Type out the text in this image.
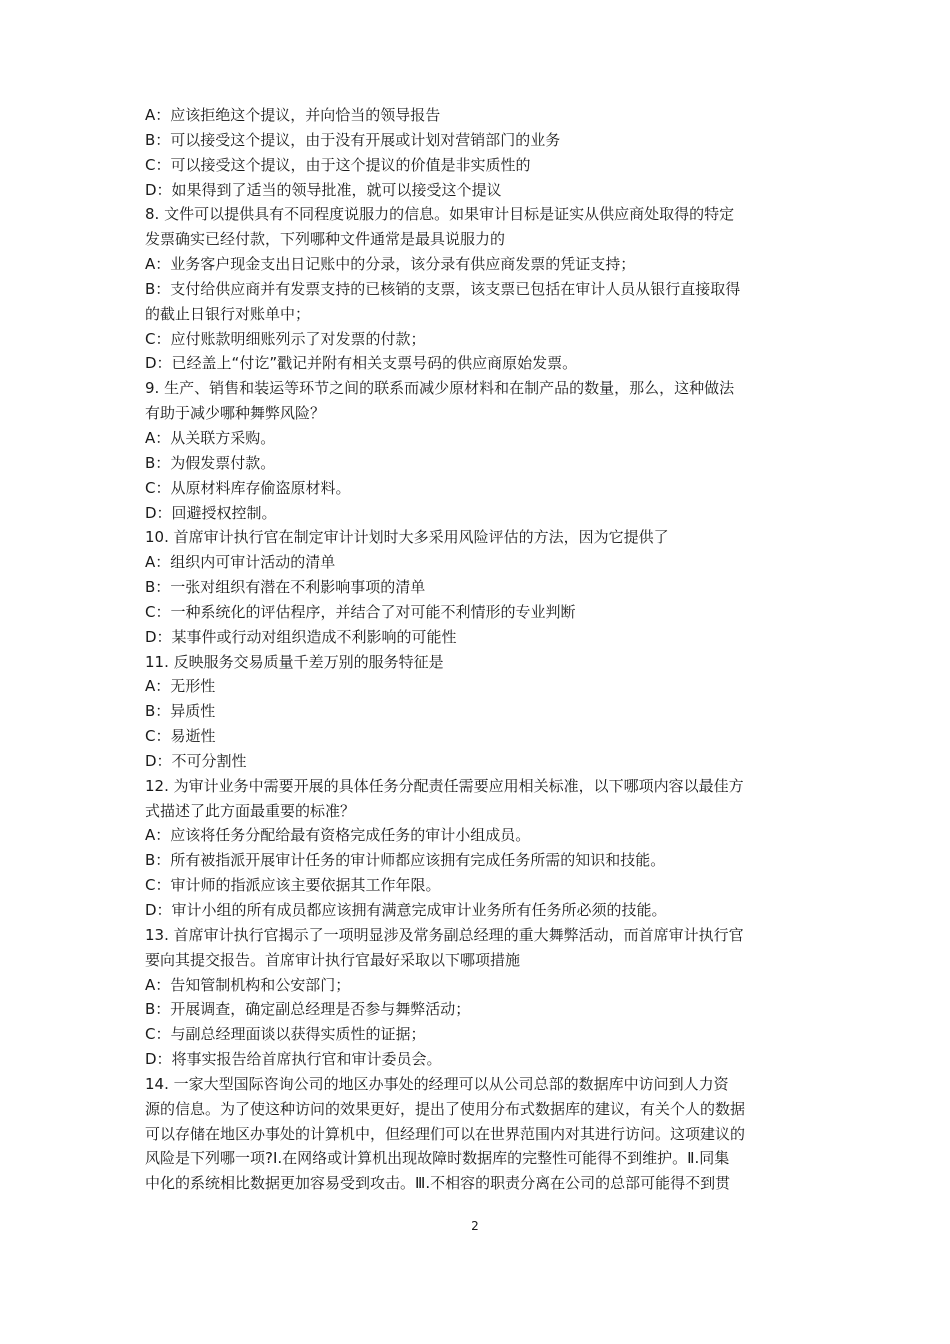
A：应该拒绝这个提议，并向恰当的领导报告
B：可以接受这个提议，由于没有开展或计划对营销部门的业务
C：可以接受这个提议，由于这个提议的价值是非实质性的
D：如果得到了适当的领导批准，就可以接受这个提议
8. 文件可以提供具有不同程度说服力的信息。如果审计目标是证实从供应商处取得的特定
发票确实已经付款，下列哪种文件通常是最具说服力的
A：业务客户现金支出日记账中的分录，该分录有供应商发票的凭证支持；
B：支付给供应商并有发票支持的已核销的支票，该支票已包括在审计人员从银行直接取得
的截止日银行对账单中；
C：应付账款明细账列示了对发票的付款；
D：已经盖上“付讫”戳记并附有相关支票号码的供应商原始发票。
9. 生产、销售和装运等环节之间的联系而减少原材料和在制产品的数量，那么，这种做法
有助于减少哪种舞弊风险？
A：从关联方采购。
B：为假发票付款。
C：从原材料库存偷盗原材料。
D：回避授权控制。
10. 首席审计执行官在制定审计计划时大多采用风险评估的方法，因为它提供了
A：组织内可审计活动的清单
B：一张对组织有潜在不利影响事项的清单
C：一种系统化的评估程序，并结合了对可能不利情形的专业判断
D：某事件或行动对组织造成不利影响的可能性
11. 反映服务交易质量千差万别的服务特征是
A：无形性
B：异质性
C：易逝性
D：不可分割性
12. 为审计业务中需要开展的具体任务分配责任需要应用相关标准，以下哪项内容以最佳方
式描述了此方面最重要的标准？
A：应该将任务分配给最有资格完成任务的审计小组成员。
B：所有被指派开展审计任务的审计师都应该拥有完成任务所需的知识和技能。
C：审计师的指派应该主要依据其工作年限。
D：审计小组的所有成员都应该拥有满意完成审计业务所有任务所必须的技能。
13. 首席审计执行官揭示了一项明显涉及常务副总经理的重大舞弊活动，而首席审计执行官
要向其提交报告。首席审计执行官最好采取以下哪项措施
A：告知管制机构和公安部门；
B：开展调查，确定副总经理是否参与舞弊活动；
C：与副总经理面谈以获得实质性的证据；
D：将事实报告给首席执行官和审计委员会。
14. 一家大型国际咨询公司的地区办事处的经理可以从公司总部的数据库中访问到人力资
源的信息。为了使这种访问的效果更好，提出了使用分布式数据库的建议，有关个人的数据
可以存储在地区办事处的计算机中，但经理们可以在世界范围内对其进行访问。这项建议的
风险是下列哪一项?Ⅰ.在网络或计算机出现故障时数据库的完整性可能得不到维护。Ⅱ.同集
中化的系统相比数据更加容易受到攻击。Ⅲ.不相容的职责分离在公司的总部可能得不到贯
2
